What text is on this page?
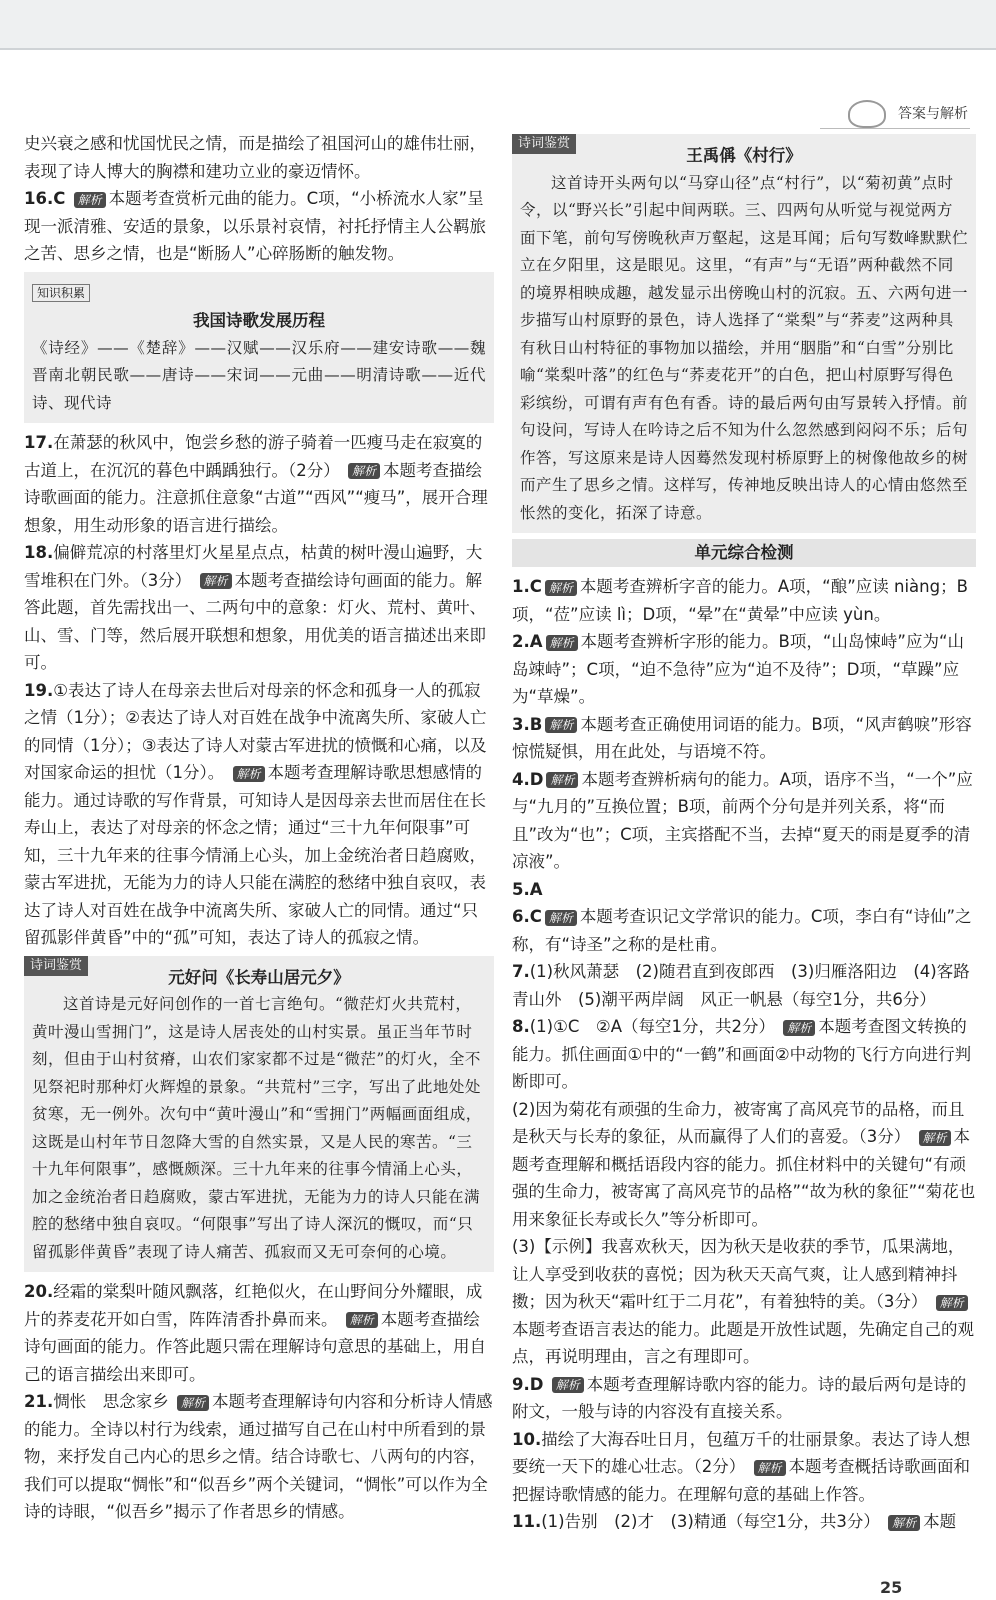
答案与解析

史兴衰之感和忧国忧民之情，而是描绘了祖国河山的雄伟壮丽，表现了诗人博大的胸襟和建功立业的豪迈情怀。

16.C 解析 本题考查赏析元曲的能力。C项，“小桥流水人家”呈现一派清雅、安适的景象，以乐景衬哀情，衬托抒情主人公羁旅之苦、思乡之情，也是“断肠人”心碎肠断的触发物。

知识积累
我国诗歌发展历程
《诗经》——《楚辞》——汉赋——汉乐府——建安诗歌——魏晋南北朝民歌——唐诗——宋词——元曲——明清诗歌——近代诗、现代诗

17.在萧瑟的秋风中，饱尝乡愁的游子骑着一匹瘦马走在寂寞的古道上，在沉沉的暮色中踽踽独行。（2分） 解析 本题考查描绘诗歌画面的能力。注意抓住意象“古道”“西风”“瘦马”，展开合理想象，用生动形象的语言进行描绘。

18.偏僻荒凉的村落里灯火星星点点，枯黄的树叶漫山遍野，大雪堆积在门外。（3分） 解析 本题考查描绘诗句画面的能力。解答此题，首先需找出一、二两句中的意象：灯火、荒村、黄叶、山、雪、门等，然后展开联想和想象，用优美的语言描述出来即可。

19.①表达了诗人在母亲去世后对母亲的怀念和孤身一人的孤寂之情（1分）；②表达了诗人对百姓在战争中流离失所、家破人亡的同情（1分）；③表达了诗人对蒙古军进扰的愤慨和心痛，以及对国家命运的担忧（1分）。 解析 本题考查理解诗歌思想感情的能力。通过诗歌的写作背景，可知诗人是因母亲去世而居住在长寿山上，表达了对母亲的怀念之情；通过“三十九年何限事”可知，三十九年来的往事今情涌上心头，加上金统治者日趋腐败，蒙古军进扰，无能为力的诗人只能在满腔的愁绪中独自哀叹，表达了诗人对百姓在战争中流离失所、家破人亡的同情。通过“只留孤影伴黄昏”中的“孤”可知，表达了诗人的孤寂之情。

诗词鉴赏
元好问《长寿山居元夕》
这首诗是元好问创作的一首七言绝句。“微茫灯火共荒村，黄叶漫山雪拥门”，这是诗人居丧处的山村实景。虽正当年节时刻，但由于山村贫瘠，山农们家家都不过是“微茫”的灯火，全不见祭祀时那种灯火辉煌的景象。“共荒村”三字，写出了此地处处贫寒，无一例外。次句中“黄叶漫山”和“雪拥门”两幅画面组成，这既是山村年节日忽降大雪的自然实景，又是人民的寒苦。“三十九年何限事”，感慨颇深。三十九年来的往事今情涌上心头，加之金统治者日趋腐败，蒙古军进扰，无能为力的诗人只能在满腔的愁绪中独自哀叹。“何限事”写出了诗人深沉的慨叹，而“只留孤影伴黄昏”表现了诗人痛苦、孤寂而又无可奈何的心境。

20.经霜的棠梨叶随风飘落，红艳似火，在山野间分外耀眼，成片的荞麦花开如白雪，阵阵清香扑鼻而来。 解析 本题考查描绘诗句画面的能力。作答此题只需在理解诗句意思的基础上，用自己的语言描绘出来即可。

21.惆怅　思念家乡 解析 本题考查理解诗句内容和分析诗人情感的能力。全诗以村行为线索，通过描写自己在山村中所看到的景物，来抒发自己内心的思乡之情。结合诗歌七、八两句的内容，我们可以提取“惆怅”和“似吾乡”两个关键词，“惆怅”可以作为全诗的诗眼，“似吾乡”揭示了作者思乡的情感。

诗词鉴赏
王禹偁《村行》
这首诗开头两句以“马穿山径”点“村行”，以“菊初黄”点时令，以“野兴长”引起中间两联。三、四两句从听觉与视觉两方面下笔，前句写傍晚秋声万壑起，这是耳闻；后句写数峰默默伫立在夕阳里，这是眼见。这里，“有声”与“无语”两种截然不同的境界相映成趣，越发显示出傍晚山村的沉寂。五、六两句进一步描写山村原野的景色，诗人选择了“棠梨”与“荞麦”这两种具有秋日山村特征的事物加以描绘，并用“胭脂”和“白雪”分别比喻“棠梨叶落”的红色与“荞麦花开”的白色，把山村原野写得色彩缤纷，可谓有声有色有香。诗的最后两句由写景转入抒情。前句设问，写诗人在吟诗之后不知为什么忽然感到闷闷不乐；后句作答，写这原来是诗人因蓦然发现村桥原野上的树像他故乡的树而产生了思乡之情。这样写，传神地反映出诗人的心情由悠然至怅然的变化，拓深了诗意。
单元综合检测

1.C 解析 本题考查辨析字音的能力。A项，“酿”应读 niàng；B项，“莅”应读 lì；D项，“晕”在“黄晕”中应读 yùn。

2.A 解析 本题考查辨析字形的能力。B项，“山岛悚峙”应为“山岛竦峙”；C项，“迫不急待”应为“迫不及待”；D项，“草躁”应为“草燥”。

3.B 解析 本题考查正确使用词语的能力。B项，“风声鹤唳”形容惊慌疑惧，用在此处，与语境不符。

4.D 解析 本题考查辨析病句的能力。A项，语序不当，“一个”应与“九月的”互换位置；B项，前两个分句是并列关系，将“而且”改为“也”；C项，主宾搭配不当，去掉“夏天的雨是夏季的清凉液”。

5.A

6.C 解析 本题考查识记文学常识的能力。C项，李白有“诗仙”之称，有“诗圣”之称的是杜甫。

7.(1)秋风萧瑟　(2)随君直到夜郎西　(3)归雁洛阳边　(4)客路青山外　(5)潮平两岸阔　风正一帆悬（每空1分，共6分）

8.(1)①C　②A（每空1分，共2分） 解析 本题考查图文转换的能力。抓住画面①中的“一鹤”和画面②中动物的飞行方向进行判断即可。

(2)因为菊花有顽强的生命力，被寄寓了高风亮节的品格，而且是秋天与长寿的象征，从而赢得了人们的喜爱。（3分） 解析 本题考查理解和概括语段内容的能力。抓住材料中的关键句“有顽强的生命力，被寄寓了高风亮节的品格”“故为秋的象征”“菊花也用来象征长寿或长久”等分析即可。

(3)【示例】我喜欢秋天，因为秋天是收获的季节，瓜果满地，让人享受到收获的喜悦；因为秋天天高气爽，让人感到精神抖擞；因为秋天“霜叶红于二月花”，有着独特的美。（3分） 解析本题考查语言表达的能力。此题是开放性试题，先确定自己的观点，再说明理由，言之有理即可。

9.D 解析 本题考查理解诗歌内容的能力。诗的最后两句是诗的附文，一般与诗的内容没有直接关系。

10.描绘了大海吞吐日月，包蕴万千的壮丽景象。表达了诗人想要统一天下的雄心壮志。（2分） 解析 本题考查概括诗歌画面和把握诗歌情感的能力。在理解句意的基础上作答。

11.(1)告别　(2)才　(3)精通（每空1分，共3分） 解析 本题

25
